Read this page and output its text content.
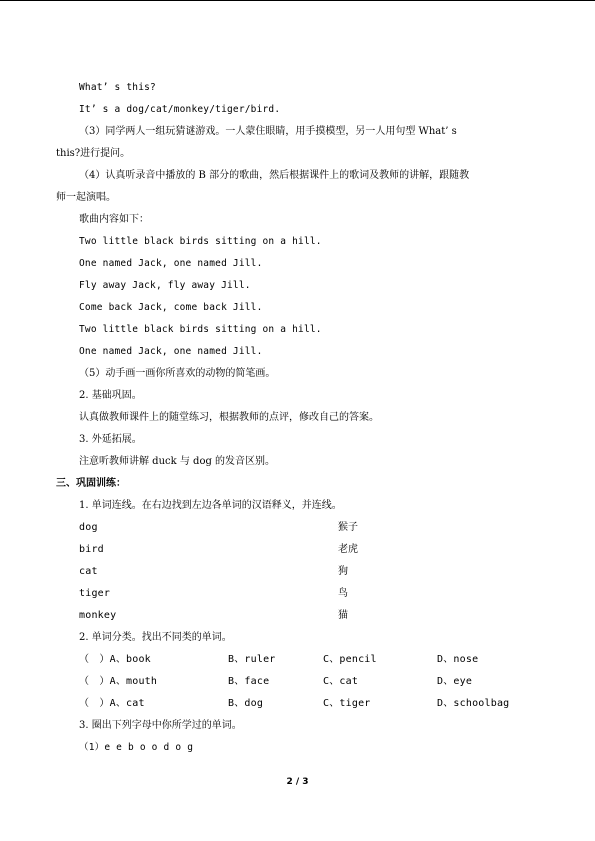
What’ s this?
It’ s a dog/cat/monkey/tiger/bird.
（3）同学两人一组玩猜谜游戏。一人蒙住眼睛，用手摸模型，另一人用句型 What’ s
this?进行提问。
（4）认真听录音中播放的 B 部分的歌曲，然后根据课件上的歌词及教师的讲解，跟随教
师一起演唱。
歌曲内容如下：
Two little black birds sitting on a hill.
One named Jack, one named Jill.
Fly away Jack, fly away Jill.
Come back Jack, come back Jill.
Two little black birds sitting on a hill.
One named Jack, one named Jill.
（5）动手画一画你所喜欢的动物的简笔画。
2. 基础巩固。
认真做教师课件上的随堂练习，根据教师的点评，修改自己的答案。
3. 外延拓展。
注意听教师讲解 duck 与 dog 的发音区别。
三、巩固训练：
1. 单词连线。在右边找到左边各单词的汉语释义，并连线。
dog	猴子
bird	老虎
cat	狗
tiger	鸟
monkey	猫
2. 单词分类。找出不同类的单词。
（　）A、book	B、ruler	C、pencil	D、nose
（　）A、mouth	B、face	C、cat	D、eye
（　）A、cat	B、dog	C、tiger	D、schoolbag
3. 圈出下列字母中你所学过的单词。
（1）e e b o o d o g
2 / 3
